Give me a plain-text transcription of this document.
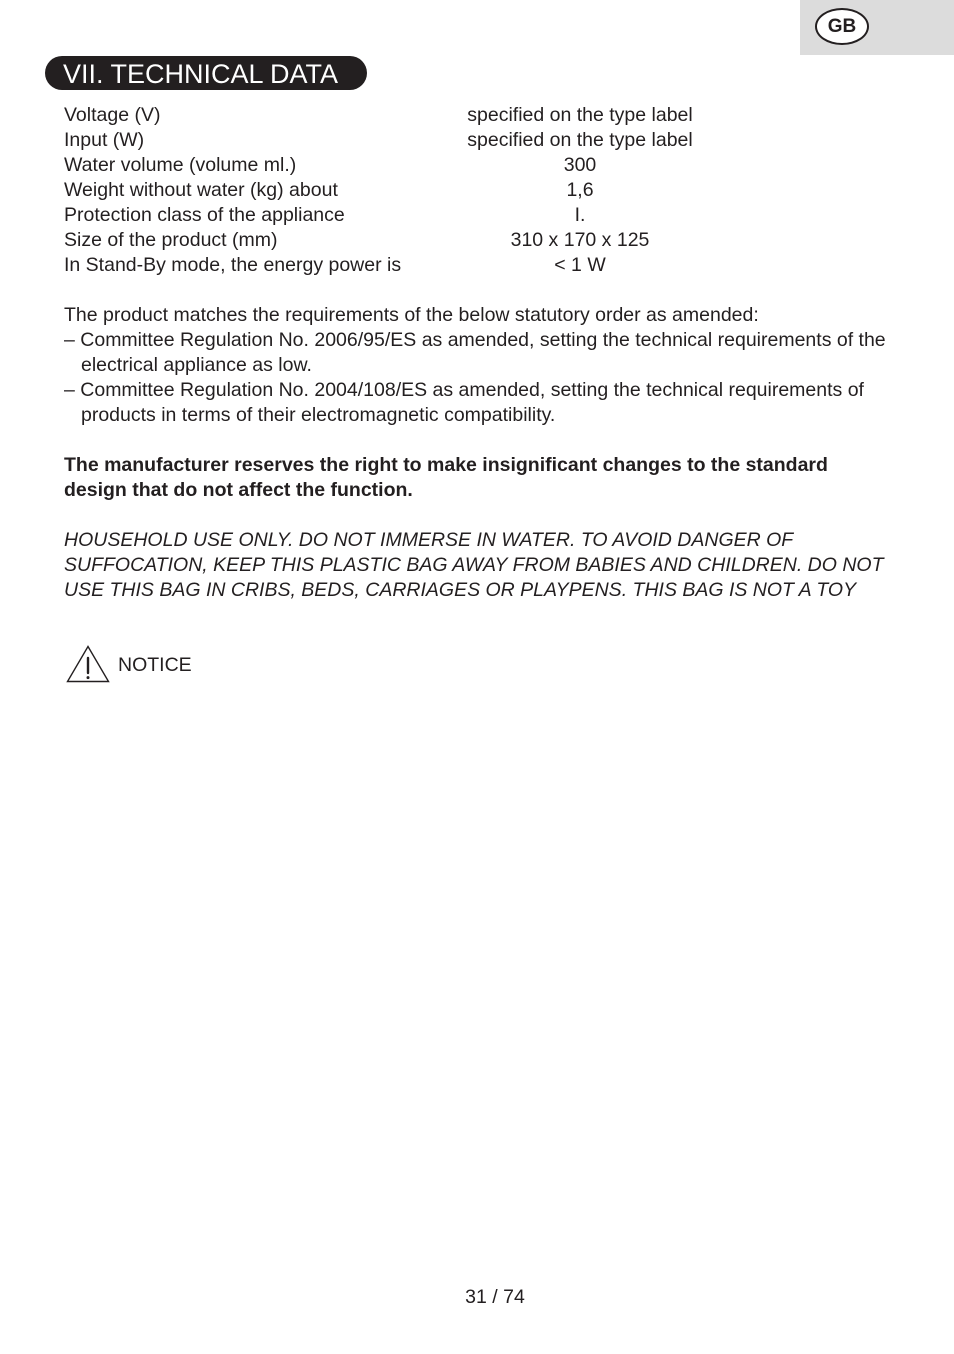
GB
VII. TECHNICAL DATA
Voltage (V)	specified on the type label
Input (W)	specified on the type label
Water volume (volume ml.)	300
Weight without water (kg) about	1,6
Protection class of the appliance	I.
Size of the product (mm)	310 x 170 x 125
In Stand-By mode, the energy power is	< 1 W

The product matches the requirements of the below statutory order as amended:

– Committee Regulation No. 2006/95/ES as amended, setting the technical requirements of the electrical appliance as low.
– Committee Regulation No. 2004/108/ES as amended, setting the technical requirements of products in terms of their electromagnetic compatibility.

The manufacturer reserves the right to make insignificant changes to the standard design that do not affect the function.

HOUSEHOLD USE ONLY. DO NOT IMMERSE IN WATER. TO AVOID DANGER OF SUFFOCATION, KEEP THIS PLASTIC BAG AWAY FROM BABIES AND CHILDREN. DO NOT USE THIS BAG IN CRIBS, BEDS, CARRIAGES OR PLAYPENS. THIS BAG IS NOT A TOY

NOTICE
31 / 74
